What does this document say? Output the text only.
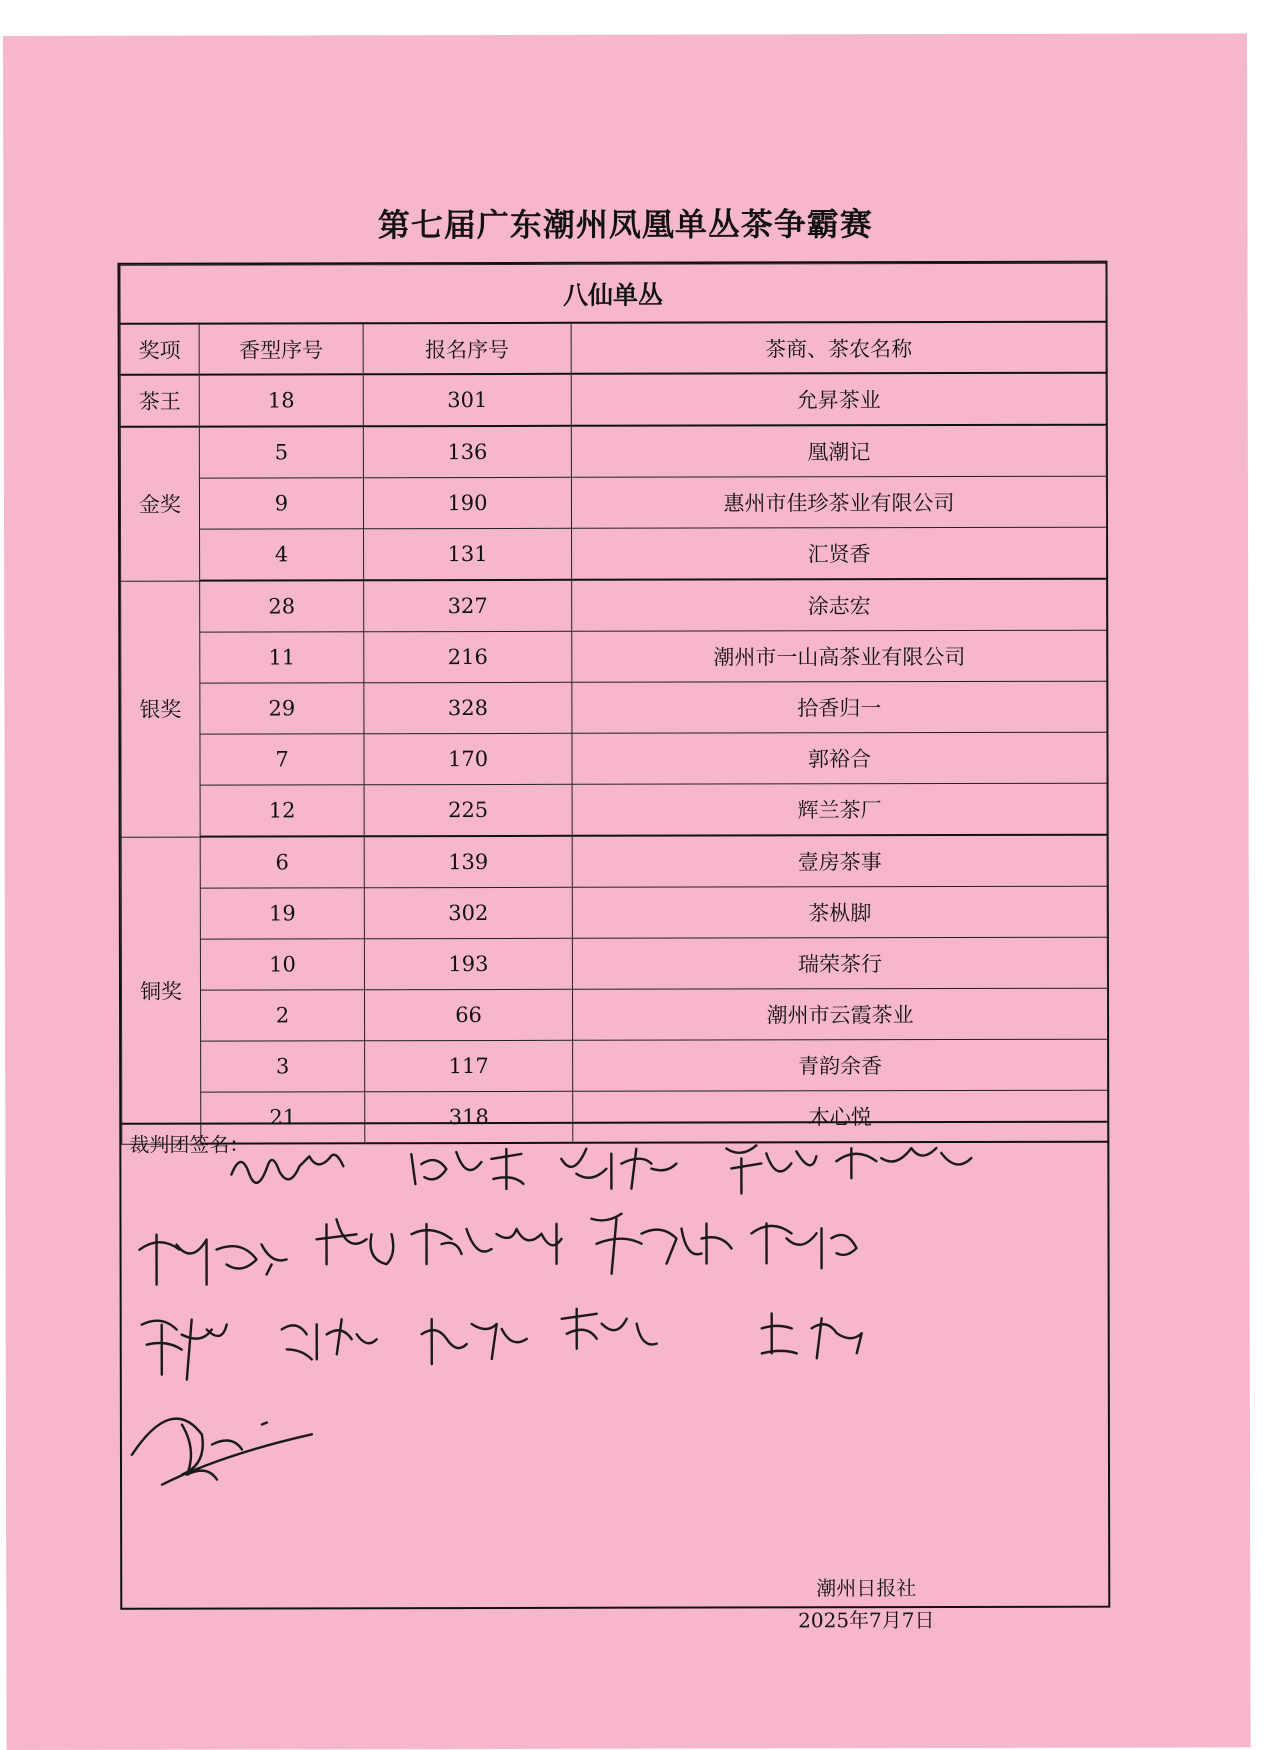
第七届广东潮州凤凰单丛茶争霸赛
八仙单丛			
奖项	香型序号	报名序号	茶商、茶农名称
茶王	18	301	允昇茶业
金奖	5	136	凰潮记
	9	190	惠州市佳珍茶业有限公司
	4	131	汇贤香
银奖	28	327	涂志宏
	11	216	潮州市一山高茶业有限公司
	29	328	拾香归一
	7	170	郭裕合
	12	225	辉兰茶厂
铜奖	6	139	壹房茶事
	19	302	茶枞脚
	10	193	瑞荣茶行
	2	66	潮州市云霞茶业
	3	117	青韵余香
	21	318	木心悦
裁判团签名：
潮州日报社
2025年7月7日
